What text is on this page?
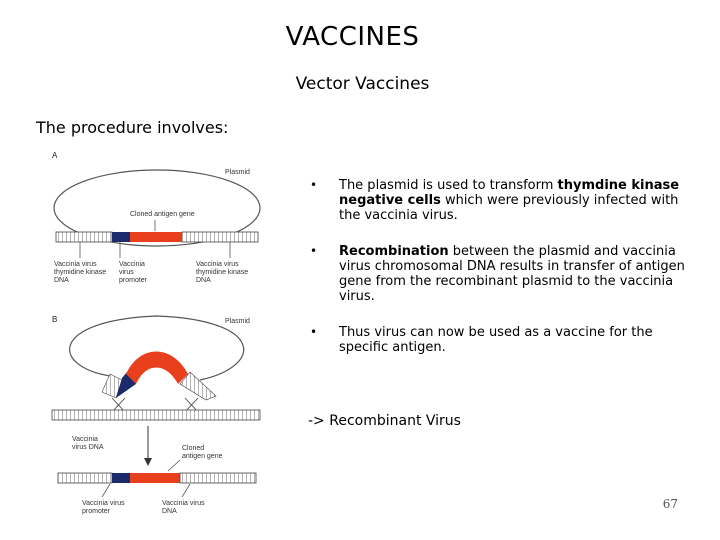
VACCINES
Vector Vaccines
The procedure involves:
A
Plasmid
Cloned antigen gene
Vaccinia virus
thymidine kinase
DNA
Vaccinia
virus
promoter
Vaccinia virus
thymidine kinase
DNA
B	Plasmid
Vaccinia
virus DNA	Cloned
antigen gene
Vaccinia virus
promoter
Vaccinia virus
DNA
• The plasmid is used to transform thymdine kinase negative cells which were previously infected with the vaccinia virus.
• Recombination between the plasmid and vaccinia virus chromosomal DNA results in transfer of antigen gene from the recombinant plasmid to the vaccinia virus.
• Thus virus can now be used as a vaccine for the specific antigen.
-> Recombinant Virus
67
